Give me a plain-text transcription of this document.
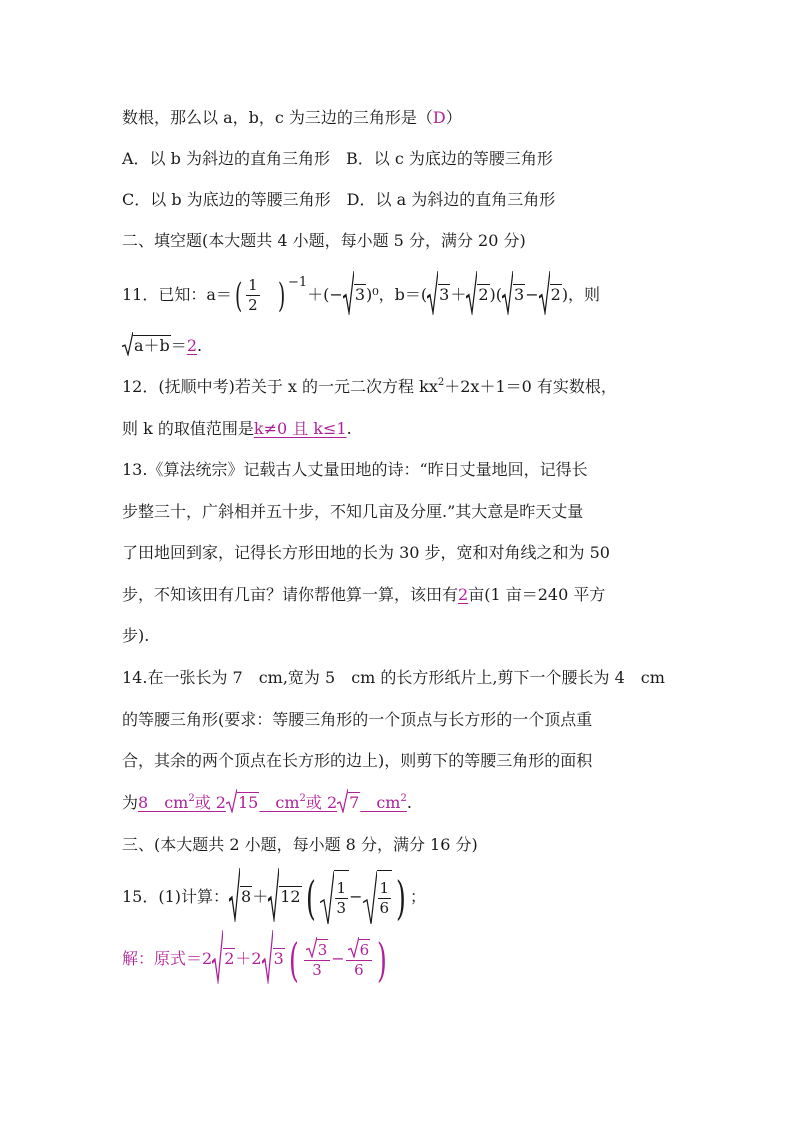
数根，那么以 a，b，c 为三边的三角形是（D）
A．以 b 为斜边的直角三角形　B．以 c 为底边的等腰三角形
C．以 b 为底边的等腰三角形　D．以 a 为斜边的直角三角形
二、填空题(本大题共 4 小题，每小题 5 分，满分 20 分)
11．已知：$a=( \frac{1}{2}$ ) $^{-1}$＋(− 3)⁰，b＝( 3＋ 2)( 3− 2)，则
a＋b＝2.
12．(抚顺中考)若关于 x 的一元二次方程 $kx^2+2x+1=0$ 有实数根，
则 k 的取值范围是k≠0 且 k≤1.
13.《算法统宗》记载古人丈量田地的诗：“昨日丈量地回，记得长
步整三十，广斜相并五十步，不知几亩及分厘.”其大意是昨天丈量
了田地回到家，记得长方形田地的长为 30 步，宽和对角线之和为 50
步，不知该田有几亩？请你帮他算一算，该田有2亩(1 亩＝240 平方
步).
14.在一张长为 7　cm,宽为 5　cm 的长方形纸片上,剪下一个腰长为 4　cm
的等腰三角形(要求：等腰三角形的一个顶点与长方形的一个顶点重
合，其余的两个顶点在长方形的边上)，则剪下的等腰三角形的面积
为8　$cm^2$或 2 15　$cm^2$或 2 7　$cm^2$.
三、(本大题共 2 小题，每小题 8 分，满分 16 分)
15．(1)计算： 8＋ 12 ( $\frac{1}{3} - \frac{1}{6}$ ) ；
解：原式＝2 2＋2 3 ( $\frac{3}{3} - \frac{6}{6}$ )
